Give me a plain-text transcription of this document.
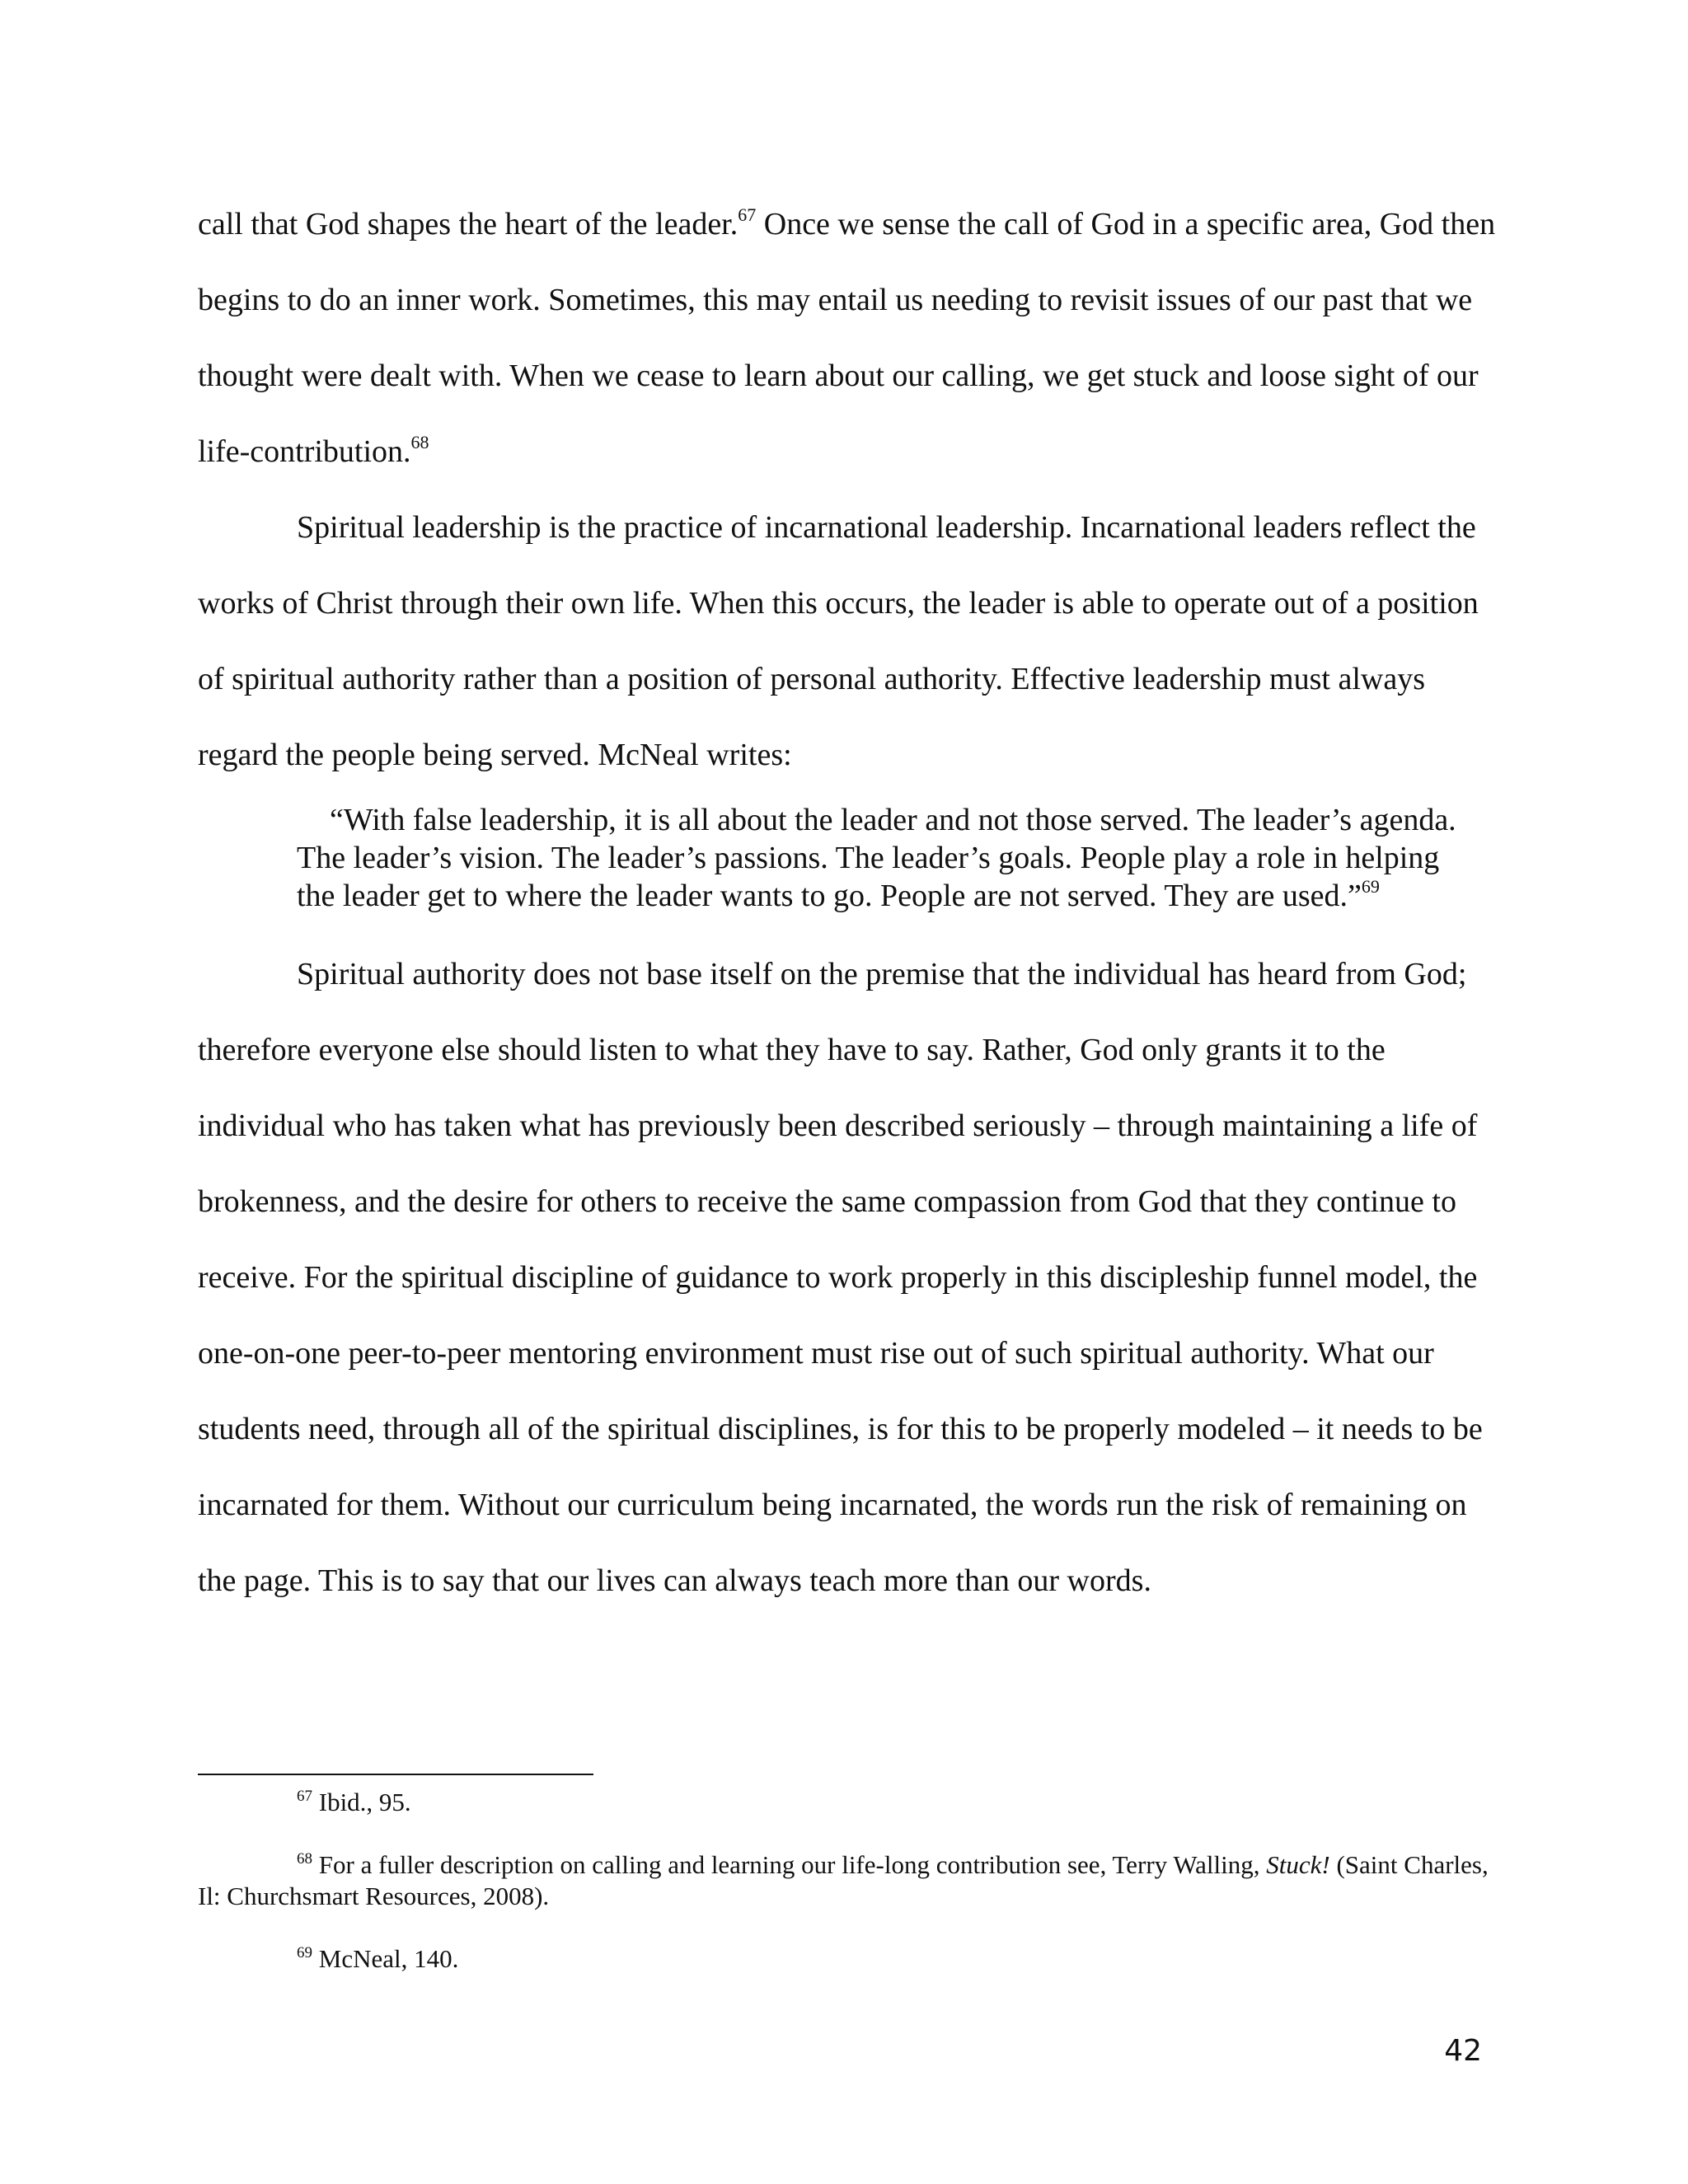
call that God shapes the heart of the leader.$^{67}$ Once we sense the call of God in a specific area, God then begins to do an inner work. Sometimes, this may entail us needing to revisit issues of our past that we thought were dealt with. When we cease to learn about our calling, we get stuck and loose sight of our life-contribution.$^{68}$

Spiritual leadership is the practice of incarnational leadership. Incarnational leaders reflect the works of Christ through their own life. When this occurs, the leader is able to operate out of a position of spiritual authority rather than a position of personal authority. Effective leadership must always regard the people being served. McNeal writes:

“With false leadership, it is all about the leader and not those served. The leader’s agenda. The leader’s vision. The leader’s passions. The leader’s goals. People play a role in helping the leader get to where the leader wants to go. People are not served. They are used.”$^{69}$

Spiritual authority does not base itself on the premise that the individual has heard from God; therefore everyone else should listen to what they have to say. Rather, God only grants it to the individual who has taken what has previously been described seriously – through maintaining a life of brokenness, and the desire for others to receive the same compassion from God that they continue to receive. For the spiritual discipline of guidance to work properly in this discipleship funnel model, the one-on-one peer-to-peer mentoring environment must rise out of such spiritual authority. What our students need, through all of the spiritual disciplines, is for this to be properly modeled – it needs to be incarnated for them. Without our curriculum being incarnated, the words run the risk of remaining on the page. This is to say that our lives can always teach more than our words.

$^{67}$ Ibid., 95.
$^{68}$ For a fuller description on calling and learning our life-long contribution see, Terry Walling, Stuck! (Saint Charles, Il: Churchsmart Resources, 2008).
$^{69}$ McNeal, 140.
42
